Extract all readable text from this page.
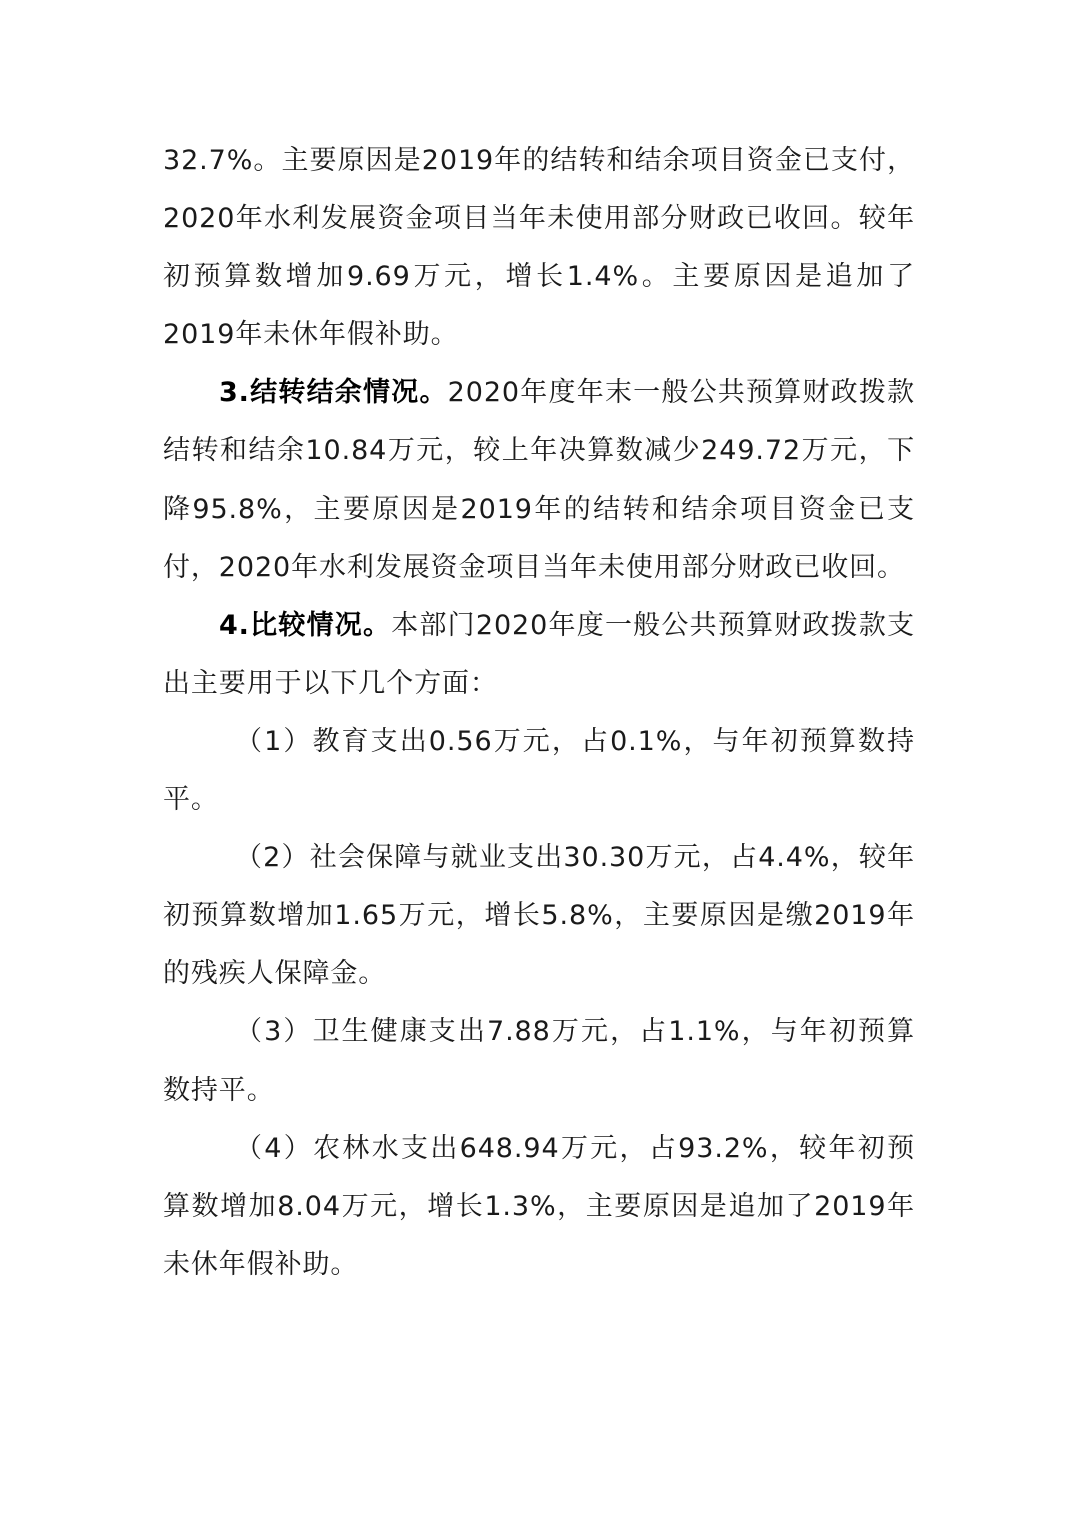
32.7%。主要原因是2019年的结转和结余项目资金已支付，2020年水利发展资金项目当年未使用部分财政已收回。较年初预算数增加9.69万元，增长1.4%。主要原因是追加了2019年未休年假补助。

3.结转结余情况。2020年度年末一般公共预算财政拨款结转和结余10.84万元，较上年决算数减少249.72万元，下降95.8%，主要原因是2019年的结转和结余项目资金已支付，2020年水利发展资金项目当年未使用部分财政已收回。

4.比较情况。本部门2020年度一般公共预算财政拨款支出主要用于以下几个方面：

（1）教育支出0.56万元，占0.1%，与年初预算数持平。

（2）社会保障与就业支出30.30万元，占4.4%，较年初预算数增加1.65万元，增长5.8%，主要原因是缴2019年的残疾人保障金。

（3）卫生健康支出7.88万元，占1.1%，与年初预算数持平。

（4）农林水支出648.94万元，占93.2%，较年初预算数增加8.04万元，增长1.3%，主要原因是追加了2019年未休年假补助。
